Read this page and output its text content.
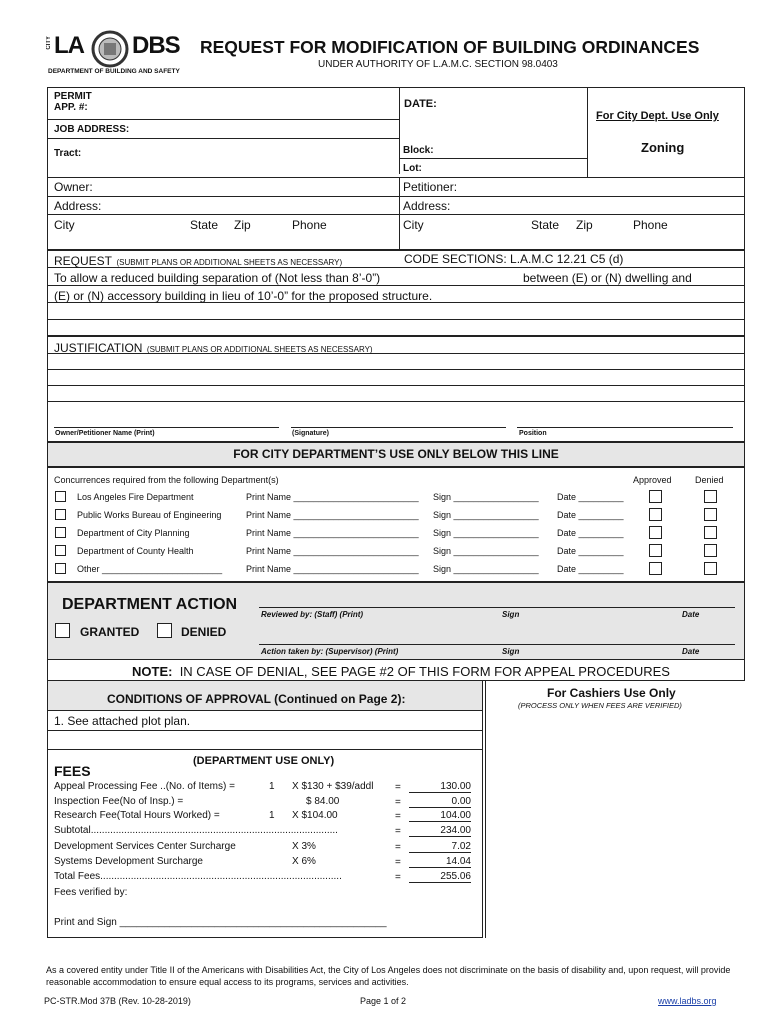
CITY LA DBS
DEPARTMENT OF BUILDING AND SAFETY
REQUEST FOR MODIFICATION OF BUILDING ORDINANCES
UNDER AUTHORITY OF L.A.M.C. SECTION 98.0403
PERMIT
APP. #:	DATE:
For City Dept. Use Only
Zoning
JOB ADDRESS:
Tract:	Block:
Lot:
Owner:	Petitioner:
Address:	Address:
City	State Zip	Phone	City	State Zip	Phone
REQUEST (SUBMIT PLANS OR ADDITIONAL SHEETS AS NECESSARY)	CODE SECTIONS: L.A.M.C 12.21 C5 (d)
To allow a reduced building separation of (Not less than 8’-0”)	between (E) or (N) dwelling and
(E) or (N) accessory building in lieu of 10’-0” for the proposed structure.
JUSTIFICATION (SUBMIT PLANS OR ADDITIONAL SHEETS AS NECESSARY)
Owner/Petitioner Name (Print)	(Signature)	Position
FOR CITY DEPARTMENT’S USE ONLY BELOW THIS LINE
Concurrences required from the following Department(s)	Approved	Denied
Los Angeles Fire Department	Print Name _________________________ Sign _________________ Date _________
Public Works Bureau of Engineering	Print Name _________________________ Sign _________________ Date _________
Department of City Planning	Print Name _________________________ Sign _________________ Date _________
Department of County Health	Print Name _________________________ Sign _________________ Date _________
Other ________________________	Print Name _________________________ Sign _________________ Date _________
DEPARTMENT ACTION
GRANTED	DENIED
Reviewed by: (Staff) (Print)	Sign	Date
Action taken by: (Supervisor) (Print)	Sign	Date
NOTE: IN CASE OF DENIAL, SEE PAGE #2 OF THIS FORM FOR APPEAL PROCEDURES
CONDITIONS OF APPROVAL (Continued on Page 2):
1. See attached plot plan.
(DEPARTMENT USE ONLY)
FEES
Appeal Processing Fee ..(No. of Items) =	1 X $130 + $39/addl =	130.00
Inspection Fee(No of Insp.) =	$ 84.00	=	0.00
Research Fee(Total Hours Worked) =	1 X $104.00	=	104.00
Subtotal.........................................................................................	=	234.00
Development Services Center Surcharge	X 3%	=	7.02
Systems Development Surcharge	X 6%	=	14.04
Total Fees.......................................................................................	=	255.06
Fees verified by:
Print and Sign ________________________________________________
For Cashiers Use Only
(PROCESS ONLY WHEN FEES ARE VERIFIED)
As a covered entity under Title II of the Americans with Disabilities Act, the City of Los Angeles does not discriminate on the basis of disability and, upon request, will provide reasonable accommodation to ensure equal access to its programs, services and activities.
PC-STR.Mod 37B (Rev. 10-28-2019)	Page 1 of 2	www.ladbs.org
